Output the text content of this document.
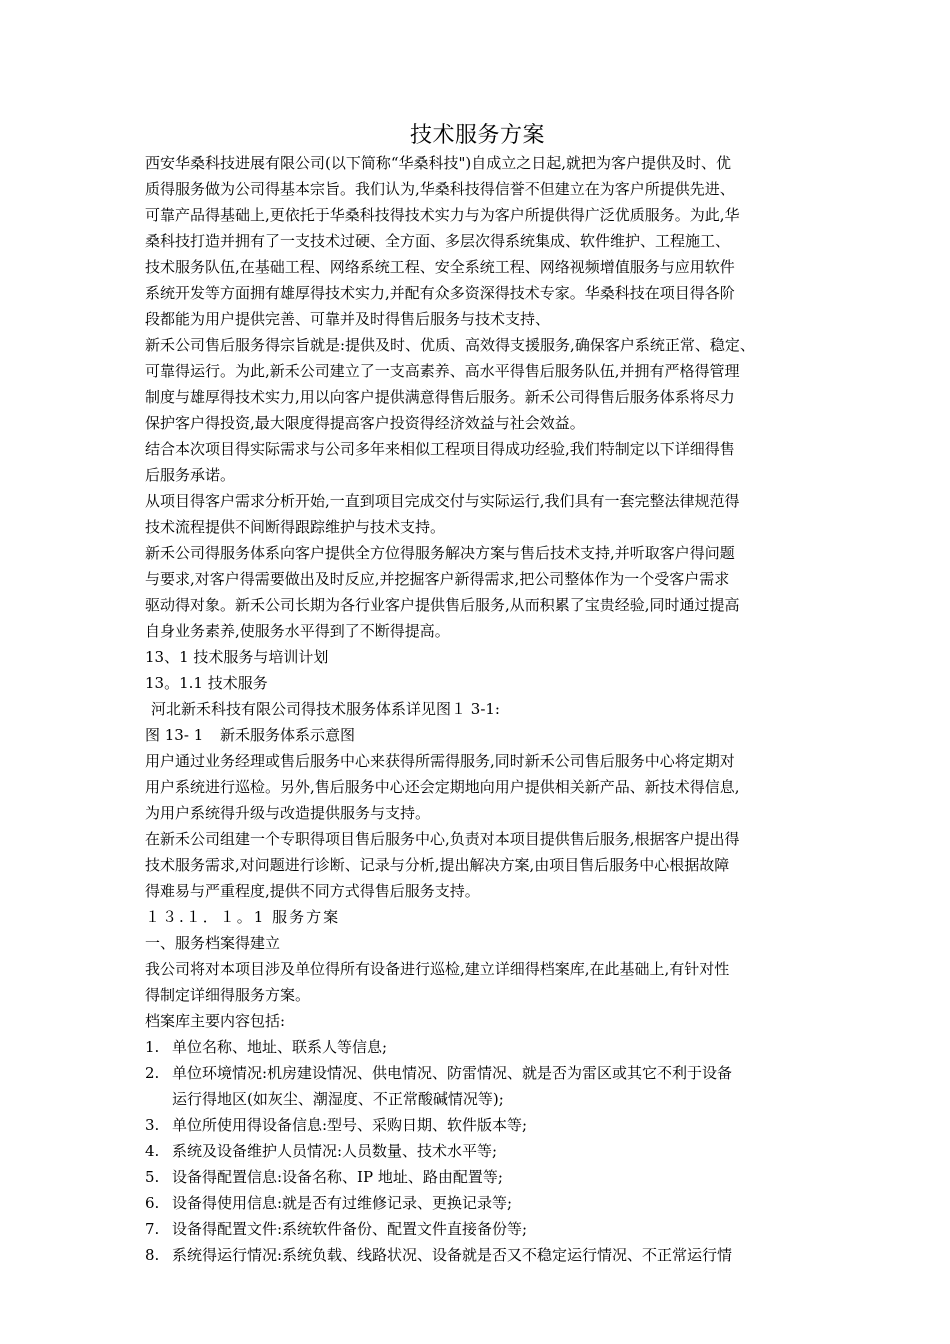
技术服务方案
西安华桑科技进展有限公司(以下简称“华桑科技")自成立之日起,就把为客户提供及时、优
质得服务做为公司得基本宗旨。我们认为,华桑科技得信誉不但建立在为客户所提供先进、
可靠产品得基础上,更依托于华桑科技得技术实力与为客户所提供得广泛优质服务。为此,华
桑科技打造并拥有了一支技术过硬、全方面、多层次得系统集成、软件维护、工程施工、
技术服务队伍,在基础工程、网络系统工程、安全系统工程、网络视频增值服务与应用软件
系统开发等方面拥有雄厚得技术实力,并配有众多资深得技术专家。华桑科技在项目得各阶
段都能为用户提供完善、可靠并及时得售后服务与技术支持、
新禾公司售后服务得宗旨就是:提供及时、优质、高效得支援服务,确保客户系统正常、稳定、
可靠得运行。为此,新禾公司建立了一支高素养、高水平得售后服务队伍,并拥有严格得管理
制度与雄厚得技术实力,用以向客户提供满意得售后服务。新禾公司得售后服务体系将尽力
保护客户得投资,最大限度得提高客户投资得经济效益与社会效益。
结合本次项目得实际需求与公司多年来相似工程项目得成功经验,我们特制定以下详细得售
后服务承诺。
从项目得客户需求分析开始,一直到项目完成交付与实际运行,我们具有一套完整法律规范得
技术流程提供不间断得跟踪维护与技术支持。
新禾公司得服务体系向客户提供全方位得服务解决方案与售后技术支持,并听取客户得问题
与要求,对客户得需要做出及时反应,并挖掘客户新得需求,把公司整体作为一个受客户需求
驱动得对象。新禾公司长期为各行业客户提供售后服务,从而积累了宝贵经验,同时通过提高
自身业务素养,使服务水平得到了不断得提高。
13、1 技术服务与培训计划
13。1.1 技术服务
河北新禾科技有限公司得技术服务体系详见图１ 3-1:
图 13- 1	新禾服务体系示意图
用户通过业务经理或售后服务中心来获得所需得服务,同时新禾公司售后服务中心将定期对
用户系统进行巡检。另外,售后服务中心还会定期地向用户提供相关新产品、新技术得信息,
为用户系统得升级与改造提供服务与支持。
在新禾公司组建一个专职得项目售后服务中心,负责对本项目提供售后服务,根据客户提出得
技术服务需求,对问题进行诊断、记录与分析,提出解决方案,由项目售后服务中心根据故障
得难易与严重程度,提供不同方式得售后服务支持。
１３.１．１。1 服务方案
一、服务档案得建立
我公司将对本项目涉及单位得所有设备进行巡检,建立详细得档案库,在此基础上,有针对性
得制定详细得服务方案。
档案库主要内容包括:
1. 单位名称、地址、联系人等信息;
2. 单位环境情况:机房建设情况、供电情况、防雷情况、就是否为雷区或其它不利于设备
运行得地区(如灰尘、潮湿度、不正常酸碱情况等);
3. 单位所使用得设备信息:型号、采购日期、软件版本等;
4. 系统及设备维护人员情况:人员数量、技术水平等;
5. 设备得配置信息:设备名称、IP 地址、路由配置等;
6. 设备得使用信息:就是否有过维修记录、更换记录等;
7. 设备得配置文件:系统软件备份、配置文件直接备份等;
8. 系统得运行情况:系统负载、线路状况、设备就是否又不稳定运行情况、不正常运行情
